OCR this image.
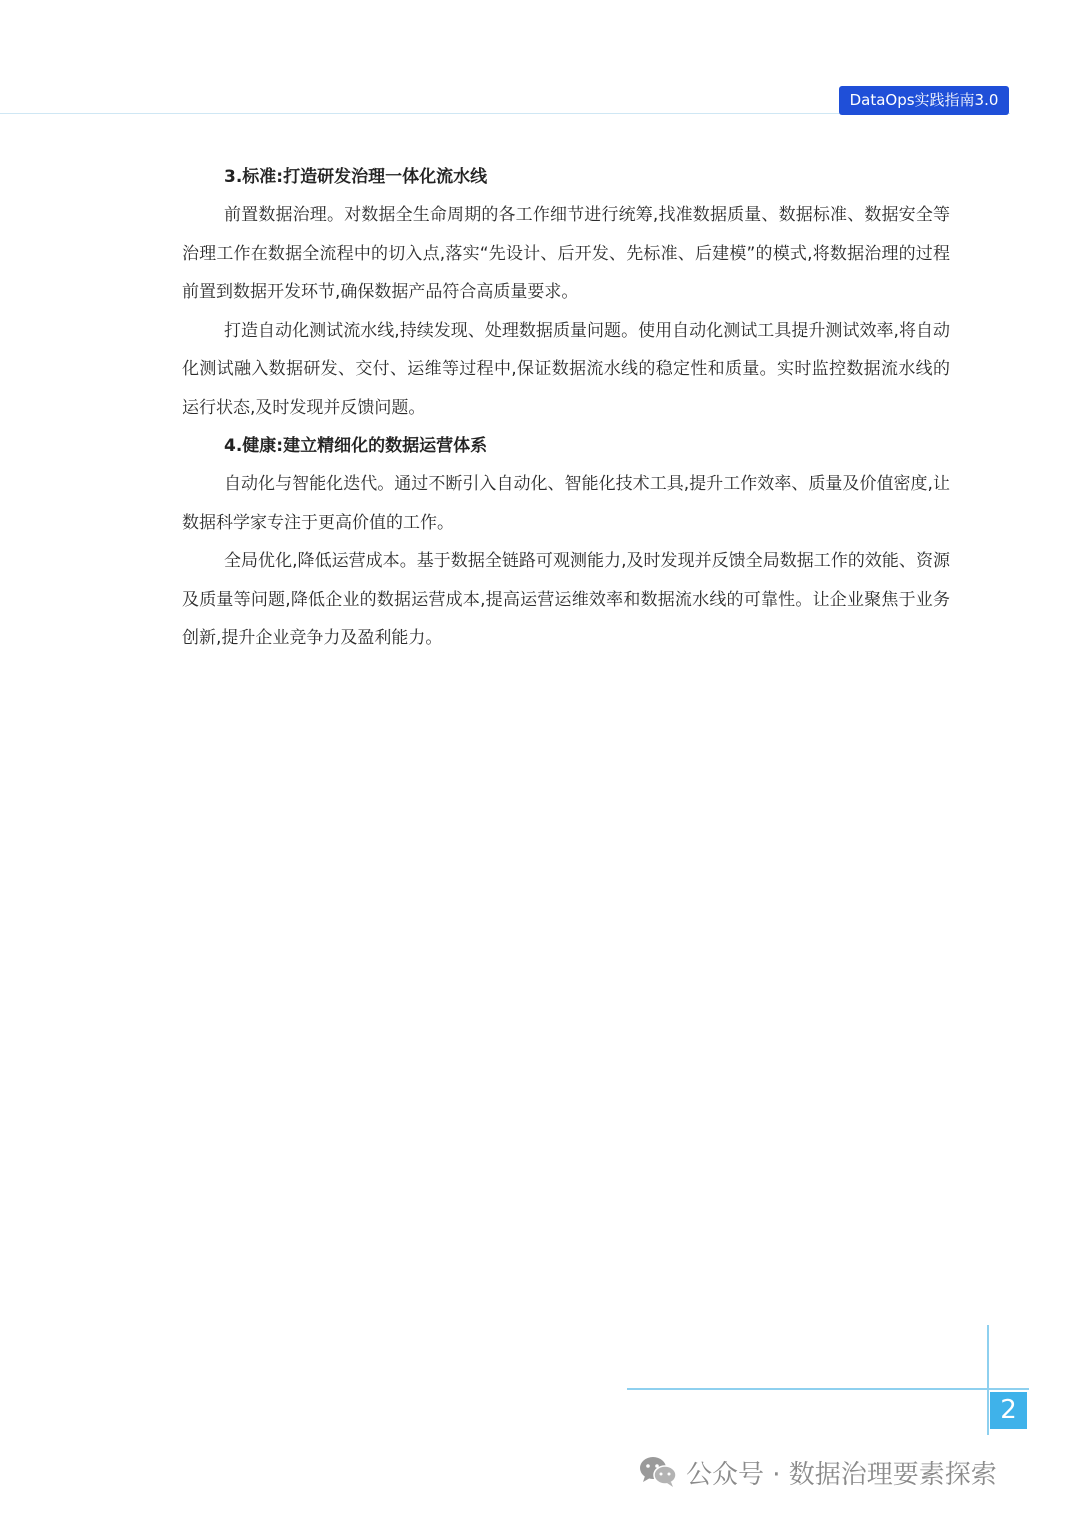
DataOps实践指南3.0

3.标准:打造研发治理一体化流水线

前置数据治理。对数据全生命周期的各工作细节进行统筹,找准数据质量、数据标准、数据安全等治理工作在数据全流程中的切入点,落实“先设计、后开发、先标准、后建模”的模式,将数据治理的过程前置到数据开发环节,确保数据产品符合高质量要求。

打造自动化测试流水线,持续发现、处理数据质量问题。使用自动化测试工具提升测试效率,将自动化测试融入数据研发、交付、运维等过程中,保证数据流水线的稳定性和质量。实时监控数据流水线的运行状态,及时发现并反馈问题。

4.健康:建立精细化的数据运营体系

自动化与智能化迭代。通过不断引入自动化、智能化技术工具,提升工作效率、质量及价值密度,让数据科学家专注于更高价值的工作。

全局优化,降低运营成本。基于数据全链路可观测能力,及时发现并反馈全局数据工作的效能、资源及质量等问题,降低企业的数据运营成本,提高运营运维效率和数据流水线的可靠性。让企业聚焦于业务创新,提升企业竞争力及盈利能力。

2
公众号 · 数据治理要素探索
